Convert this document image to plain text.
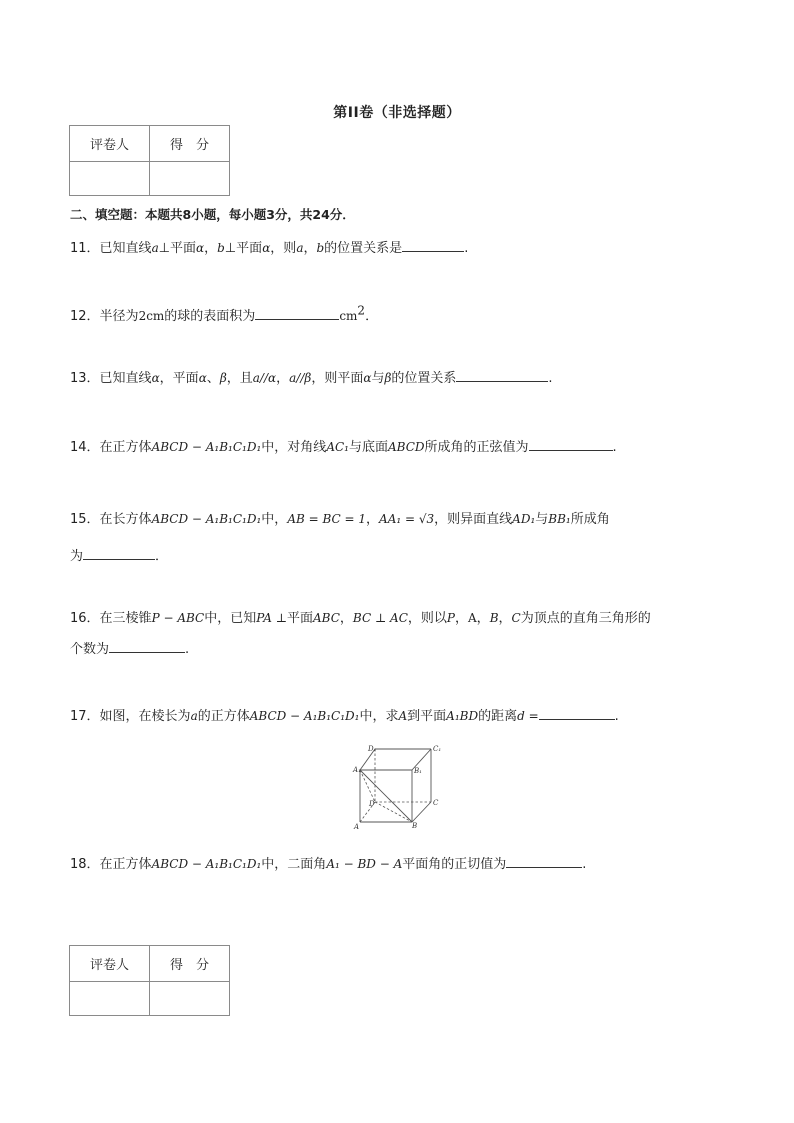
第II卷（非选择题）
评卷人	得　分

二、填空题：本题共8小题，每小题3分，共24分．
11．已知直线a⊥平面α，b⊥平面α，则a，b的位置关系是	.
12．半径为2cm的球的表面积为	$cm^2$．
13．已知直线α，平面α、β，且a//α，a//β，则平面α与β的位置关系	.
14．在正方体ABCD − A₁B₁C₁D₁中，对角线AC₁与底面ABCD所成角的正弦值为	.
15．在长方体ABCD − A₁B₁C₁D₁中，AB = BC = 1，AA₁ = √3，则异面直线AD₁与BB₁所成角
为	．
16．在三棱锥P − ABC中，已知PA ⊥平面ABC，BC ⊥ AC，则以P，A，B，C为顶点的直角三角形的
个数为	.
17．如图，在棱长为a的正方体ABCD − A₁B₁C₁D₁中，求A到平面A₁BD的距离d =	.
D₁	C₁
A₁	B₁
D	C
A	B
18．在正方体ABCD − A₁B₁C₁D₁中，二面角A₁ − BD − A平面角的正切值为	.
评卷人	得　分
